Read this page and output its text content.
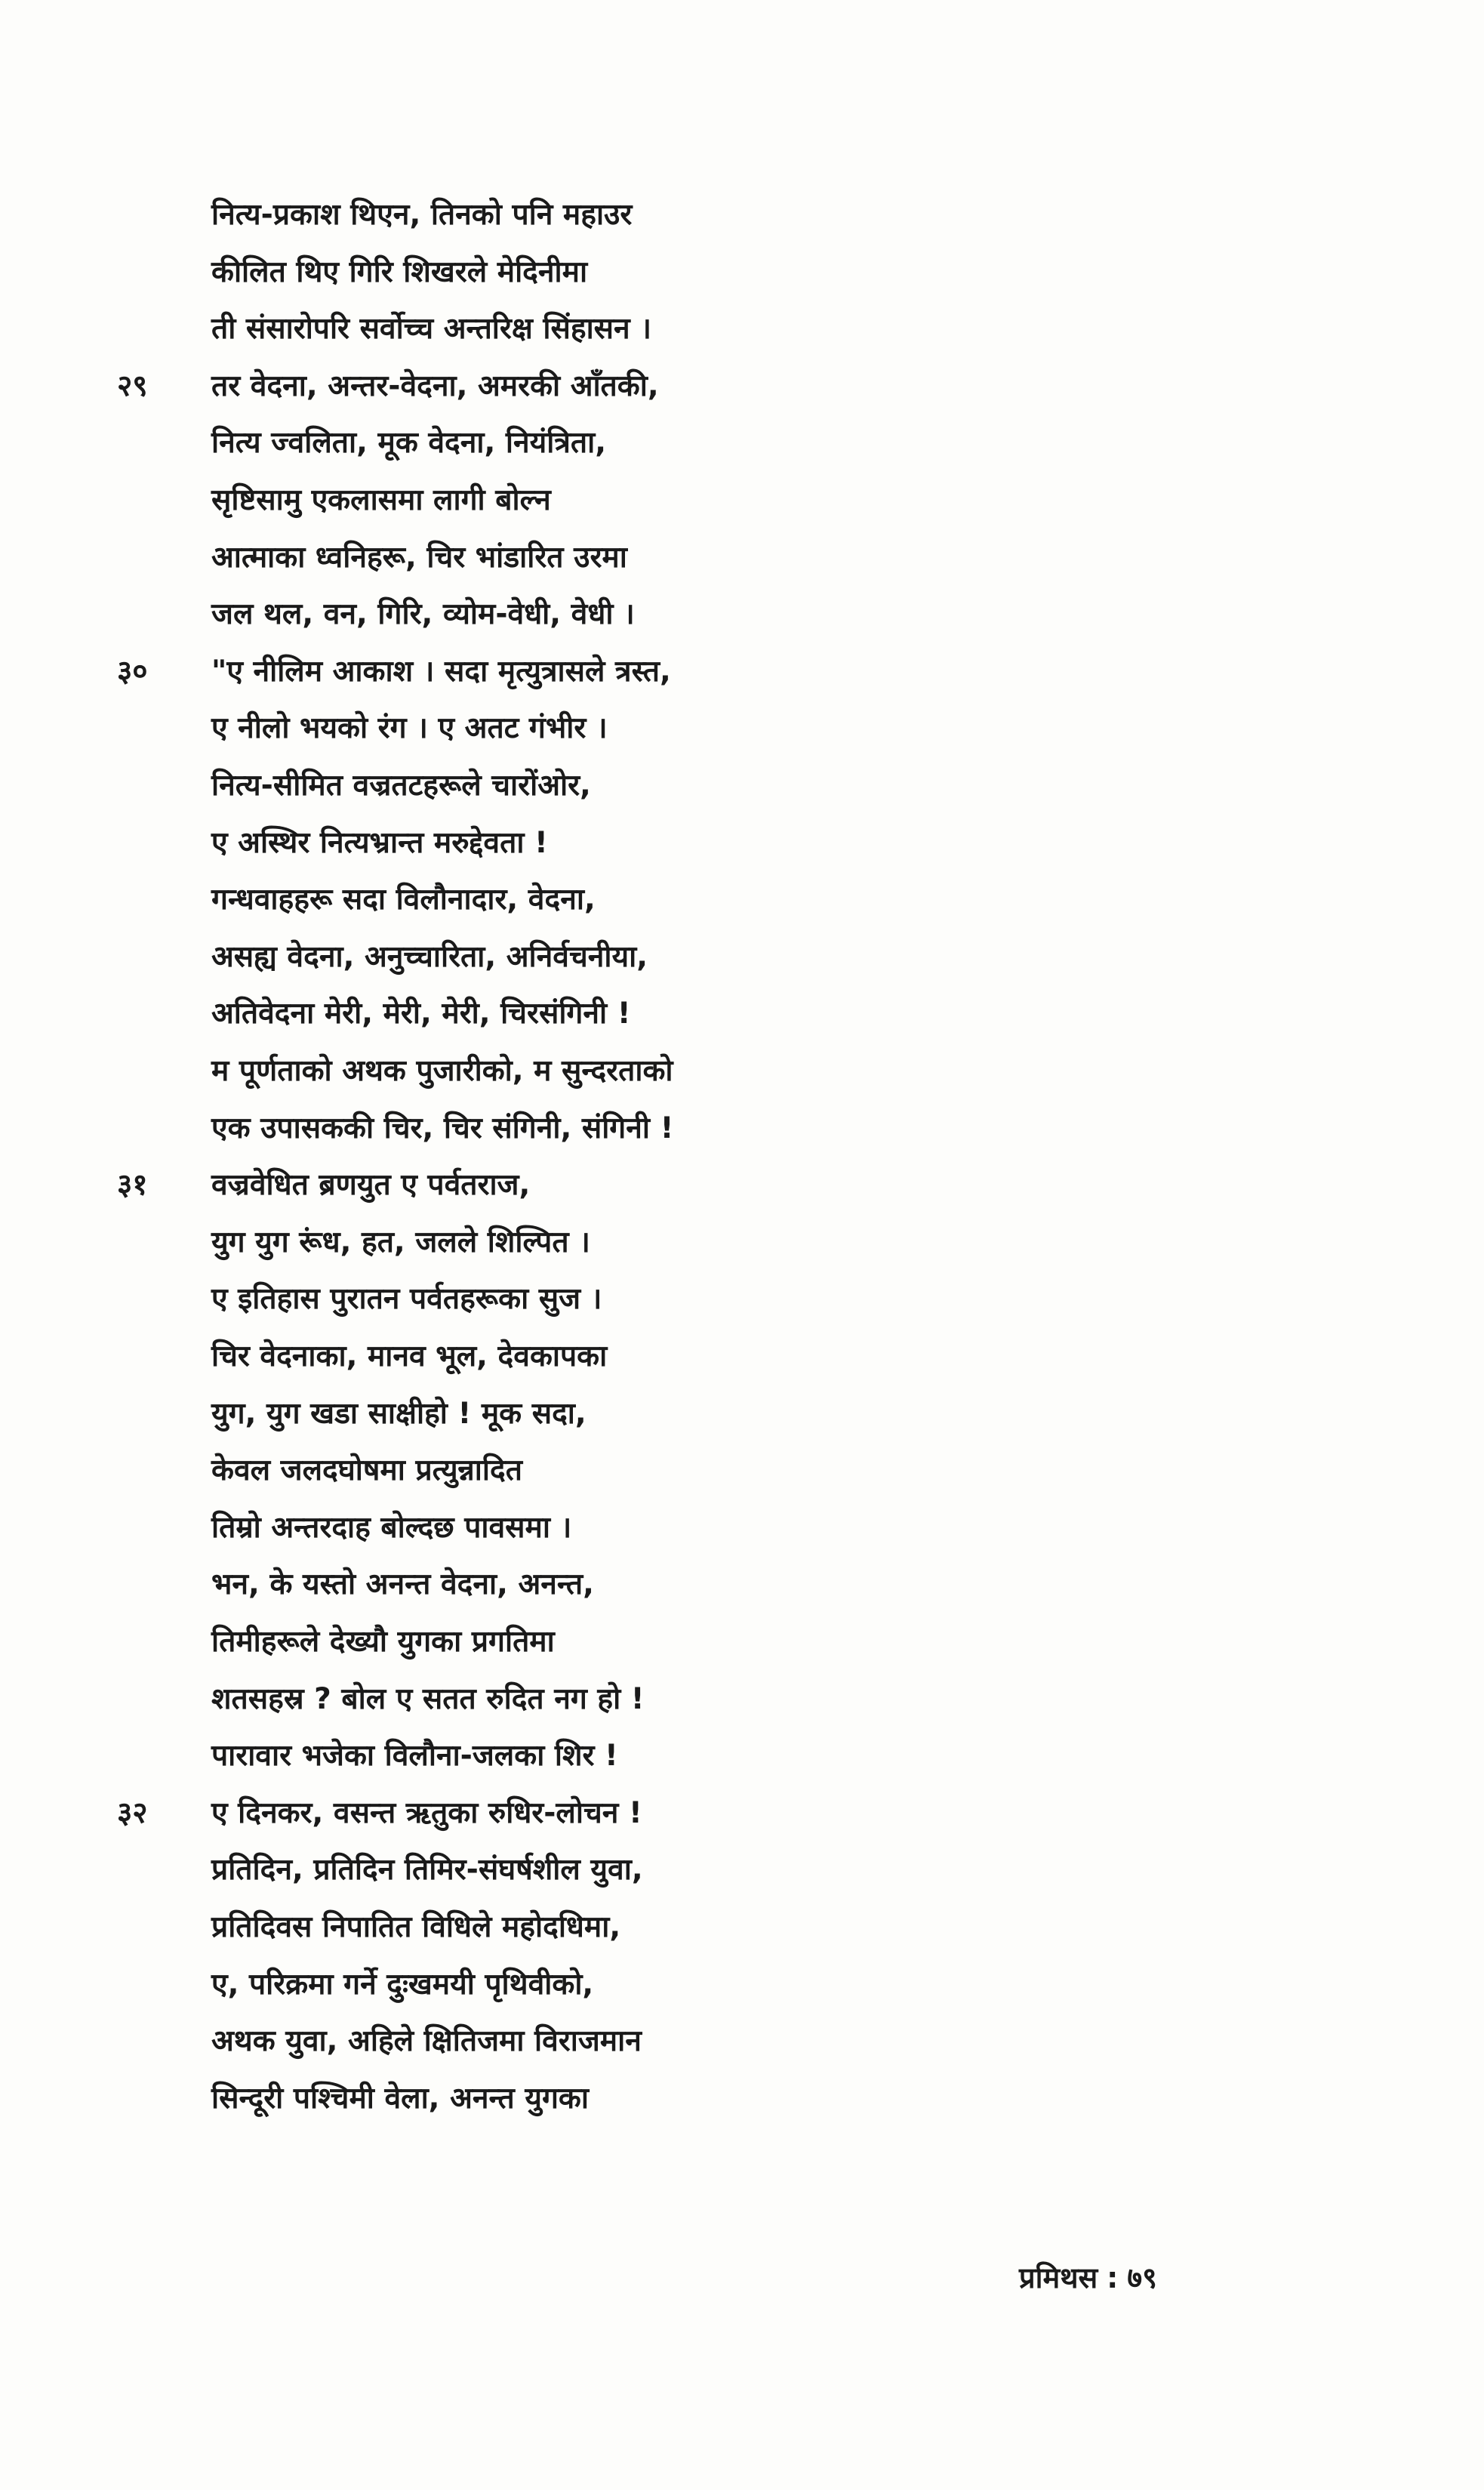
नित्य-प्रकाश थिएन, तिनको पनि महाउर
कीलित थिए गिरि शिखरले मेदिनीमा
ती संसारोपरि सर्वोच्च अन्तरिक्ष सिंहासन ।
२९ तर वेदना, अन्तर-वेदना, अमरकी आँतकी,
नित्य ज्वलिता, मूक वेदना, नियंत्रिता,
सृष्टिसामु एकलासमा लागी बोल्न
आत्माका ध्वनिहरू, चिर भांडारित उरमा
जल थल, वन, गिरि, व्योम-वेधी, वेधी ।
३० "ए नीलिम आकाश । सदा मृत्युत्रासले त्रस्त,
ए नीलो भयको रंग । ए अतट गंभीर ।
नित्य-सीमित वज्रतटहरूले चारोंओर,
ए अस्थिर नित्यभ्रान्त मरुद्देवता !
गन्धवाहहरू सदा विलौनादार, वेदना,
असह्य वेदना, अनुच्चारिता, अनिर्वचनीया,
अतिवेदना मेरी, मेरी, मेरी, चिरसंगिनी !
म पूर्णताको अथक पुजारीको, म सुन्दरताको
एक उपासककी चिर, चिर संगिनी, संगिनी !
३१ वज्रवेधित ब्रणयुत ए पर्वतराज,
युग युग रूंध, हत, जलले शिल्पित ।
ए इतिहास पुरातन पर्वतहरूका सुज ।
चिर वेदनाका, मानव भूल, देवकापका
युग, युग खडा साक्षीहो ! मूक सदा,
केवल जलदघोषमा प्रत्युन्नादित
तिम्रो अन्तरदाह बोल्दछ पावसमा ।
भन, के यस्तो अनन्त वेदना, अनन्त,
तिमीहरूले देख्यौ युगका प्रगतिमा
शतसहस्र ? बोल ए सतत रुदित नग हो !
पारावार भजेका विलौना-जलका शिर !
३२ ए दिनकर, वसन्त ऋतुका रुधिर-लोचन !
प्रतिदिन, प्रतिदिन तिमिर-संघर्षशील युवा,
प्रतिदिवस निपातित विधिले महोदधिमा,
ए, परिक्रमा गर्ने दुःखमयी पृथिवीको,
अथक युवा, अहिले क्षितिजमा विराजमान
सिन्दूरी पश्चिमी वेला, अनन्त युगका
प्रमिथस : ७९
